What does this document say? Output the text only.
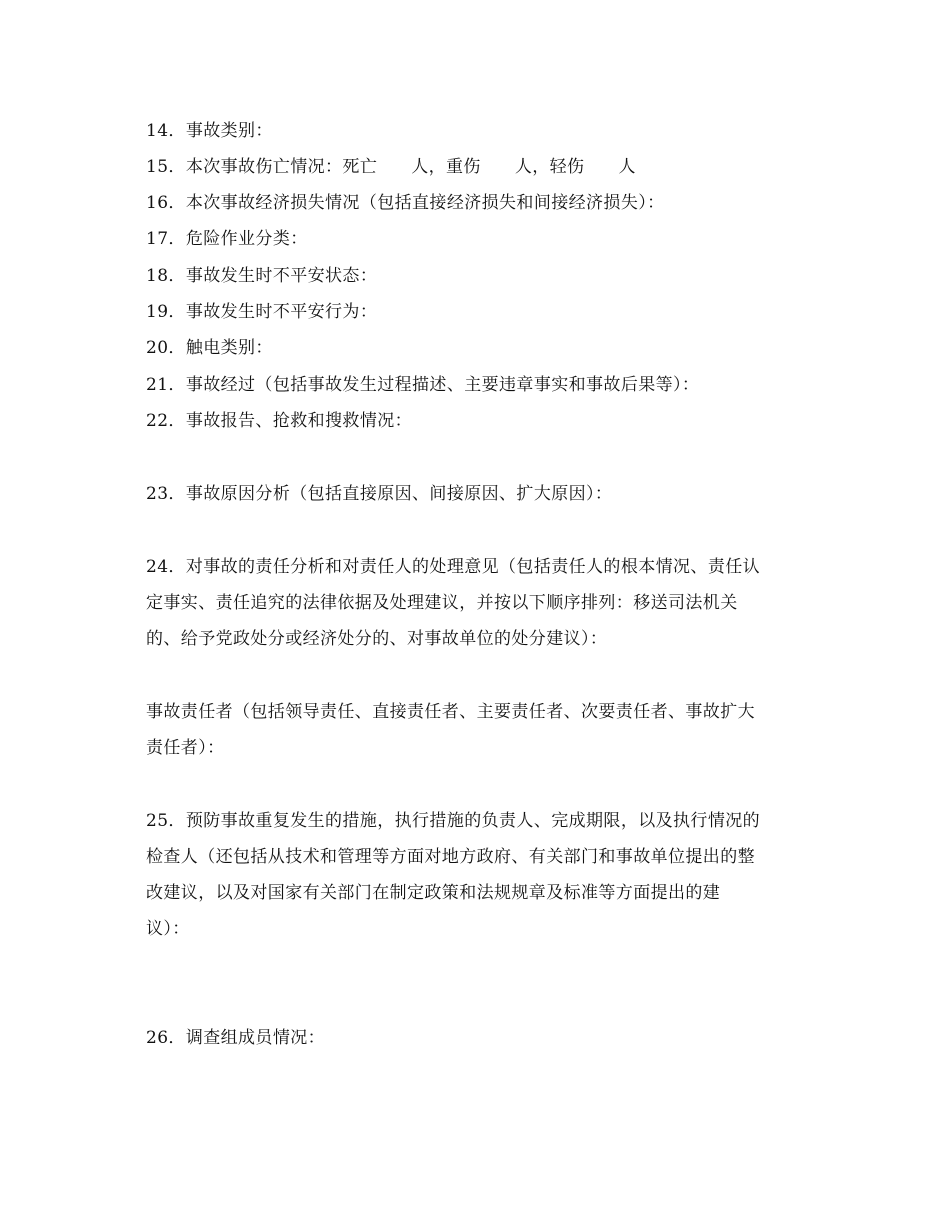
14．事故类别：
15．本次事故伤亡情况：死亡 人，重伤 人，轻伤 人
16．本次事故经济损失情况（包括直接经济损失和间接经济损失）：
17．危险作业分类：
18．事故发生时不平安状态：
19．事故发生时不平安行为：
20．触电类别：
21．事故经过（包括事故发生过程描述、主要违章事实和事故后果等）：
22．事故报告、抢救和搜救情况：
23．事故原因分析（包括直接原因、间接原因、扩大原因）：
24．对事故的责任分析和对责任人的处理意见（包括责任人的根本情况、责任认
定事实、责任追究的法律依据及处理建议，并按以下顺序排列：移送司法机关
的、给予党政处分或经济处分的、对事故单位的处分建议）：
事故责任者（包括领导责任、直接责任者、主要责任者、次要责任者、事故扩大
责任者）：
25．预防事故重复发生的措施，执行措施的负责人、完成期限，以及执行情况的
检查人（还包括从技术和管理等方面对地方政府、有关部门和事故单位提出的整
改建议，以及对国家有关部门在制定政策和法规规章及标准等方面提出的建
议）：
26．调查组成员情况：
